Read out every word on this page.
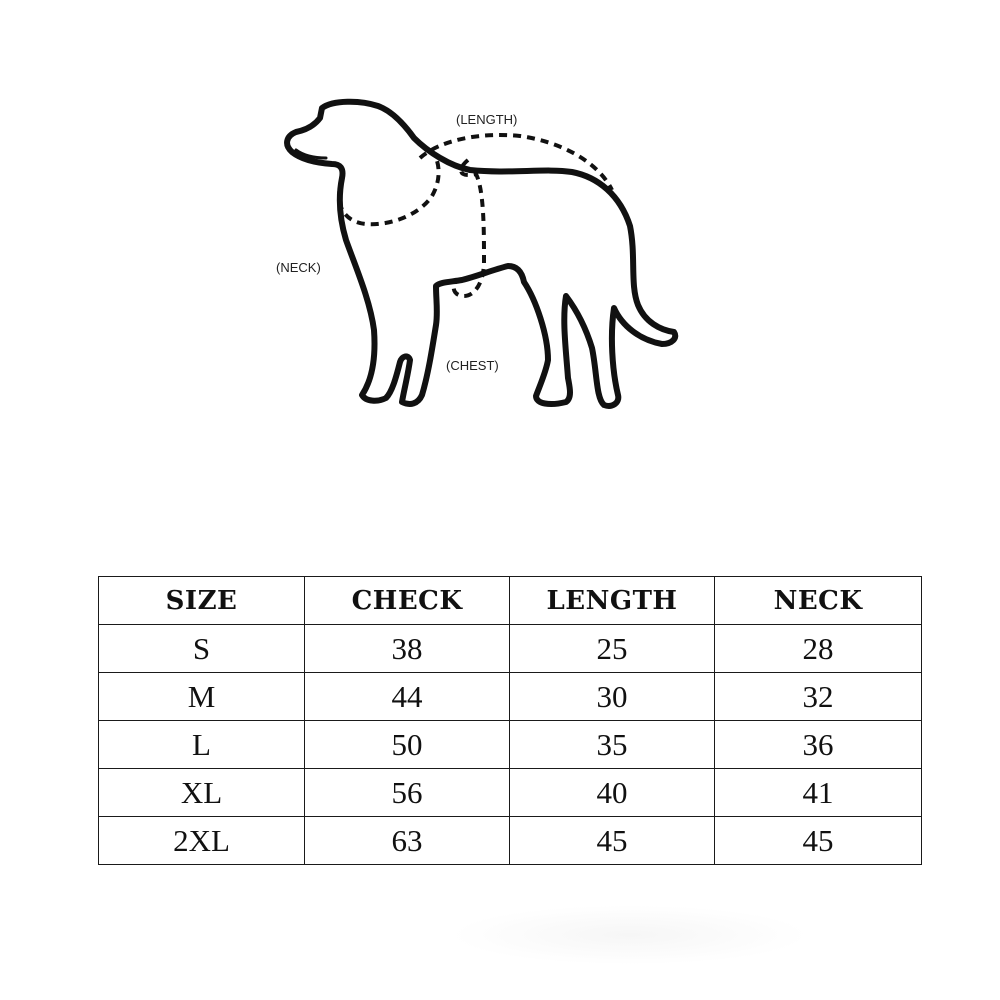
(LENGTH)
(NECK)
(CHEST)
SIZE	CHECK	LENGTH	NECK
S	38	25	28
M	44	30	32
L	50	35	36
XL	56	40	41
2XL	63	45	45
